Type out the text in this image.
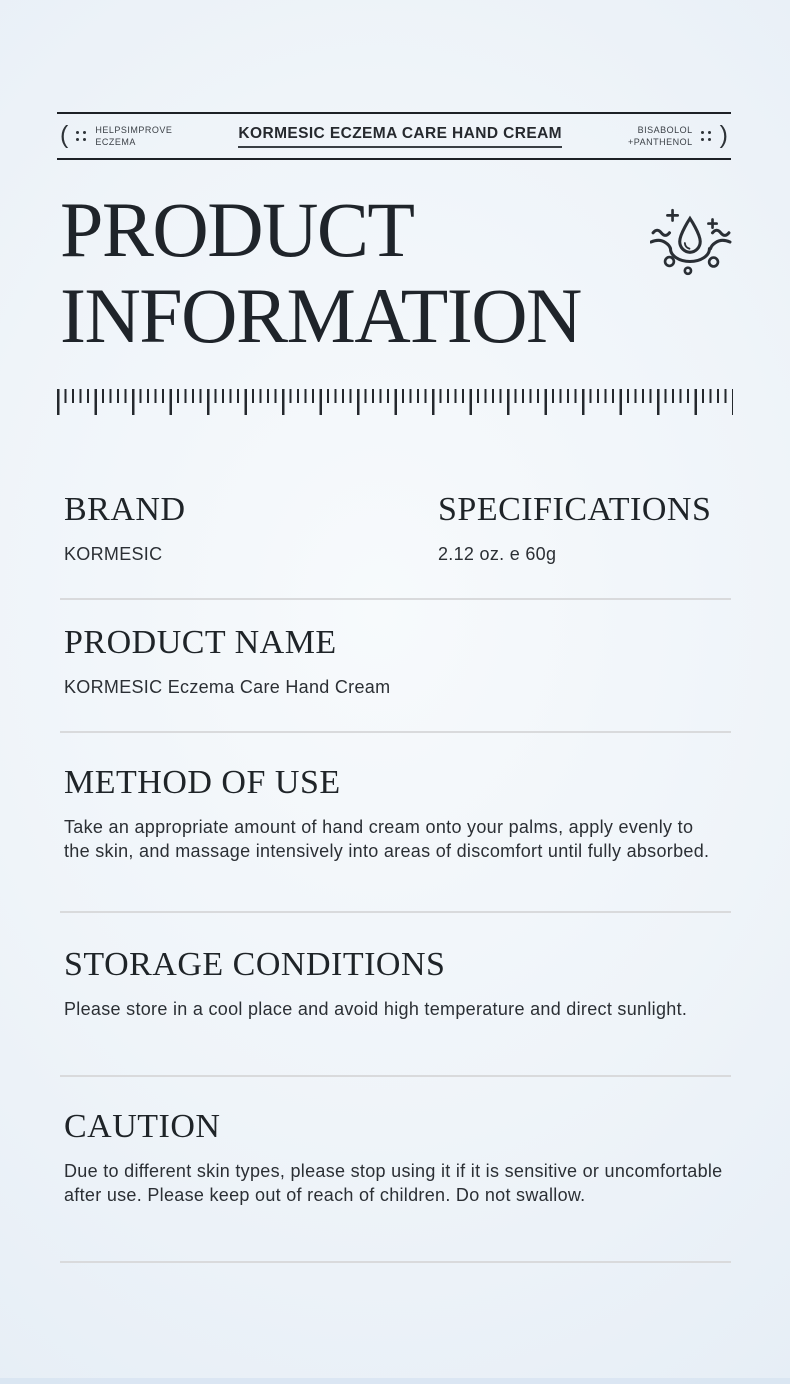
(	HELPSIMPROVE
ECZEMA
KORMESIC ECZEMA CARE HAND CREAM	BISABOLOL
+PANTHENOL )
PRODUCT
INFORMATION
BRAND
KORMESIC
SPECIFICATIONS
2.12 oz. e 60g
PRODUCT NAME
KORMESIC Eczema Care Hand Cream
METHOD OF USE
Take an appropriate amount of hand cream onto your palms, apply evenly to the skin, and massage intensively into areas of discomfort until fully absorbed.
STORAGE CONDITIONS
Please store in a cool place and avoid high temperature and direct sunlight.
CAUTION
Due to different skin types, please stop using it if it is sensitive or uncomfortable after use. Please keep out of reach of children. Do not swallow.
